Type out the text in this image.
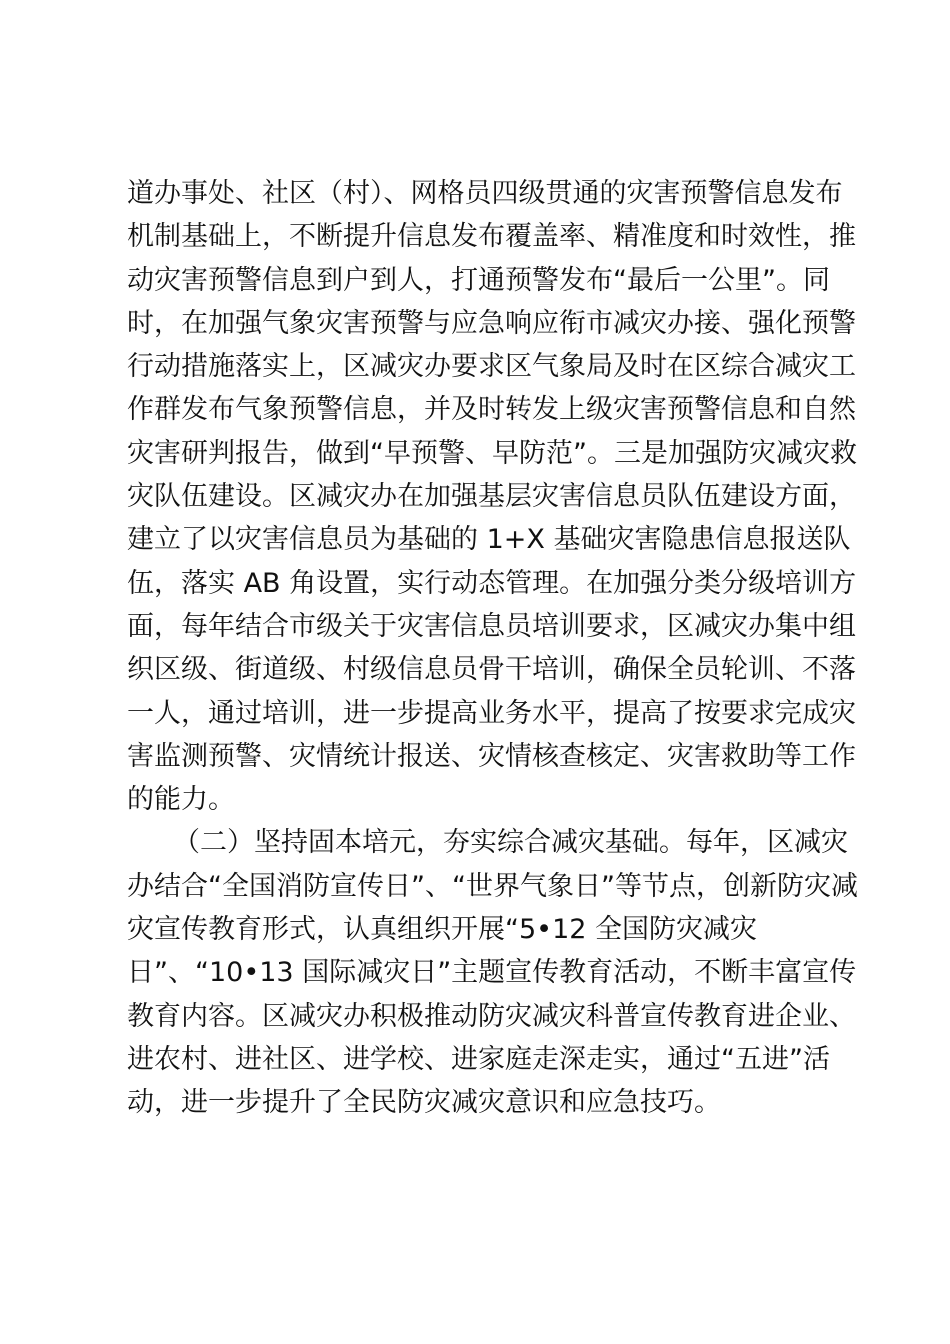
道办事处、社区（村）、网格员四级贯通的灾害预警信息发布
机制基础上，不断提升信息发布覆盖率、精准度和时效性，推
动灾害预警信息到户到人，打通预警发布“最后一公里”。同
时，在加强气象灾害预警与应急响应衔市减灾办接、强化预警
行动措施落实上，区减灾办要求区气象局及时在区综合减灾工
作群发布气象预警信息，并及时转发上级灾害预警信息和自然
灾害研判报告，做到“早预警、早防范”。三是加强防灾减灾救
灾队伍建设。区减灾办在加强基层灾害信息员队伍建设方面，
建立了以灾害信息员为基础的 1+X 基础灾害隐患信息报送队
伍，落实 AB 角设置，实行动态管理。在加强分类分级培训方
面，每年结合市级关于灾害信息员培训要求，区减灾办集中组
织区级、街道级、村级信息员骨干培训，确保全员轮训、不落
一人，通过培训，进一步提高业务水平，提高了按要求完成灾
害监测预警、灾情统计报送、灾情核查核定、灾害救助等工作
的能力。
（二）坚持固本培元，夯实综合减灾基础。每年，区减灾
办结合“全国消防宣传日”、“世界气象日”等节点，创新防灾减
灾宣传教育形式，认真组织开展“5•12 全国防灾减灾
日”、“10•13 国际减灾日”主题宣传教育活动，不断丰富宣传
教育内容。区减灾办积极推动防灾减灾科普宣传教育进企业、
进农村、进社区、进学校、进家庭走深走实，通过“五进”活
动，进一步提升了全民防灾减灾意识和应急技巧。
